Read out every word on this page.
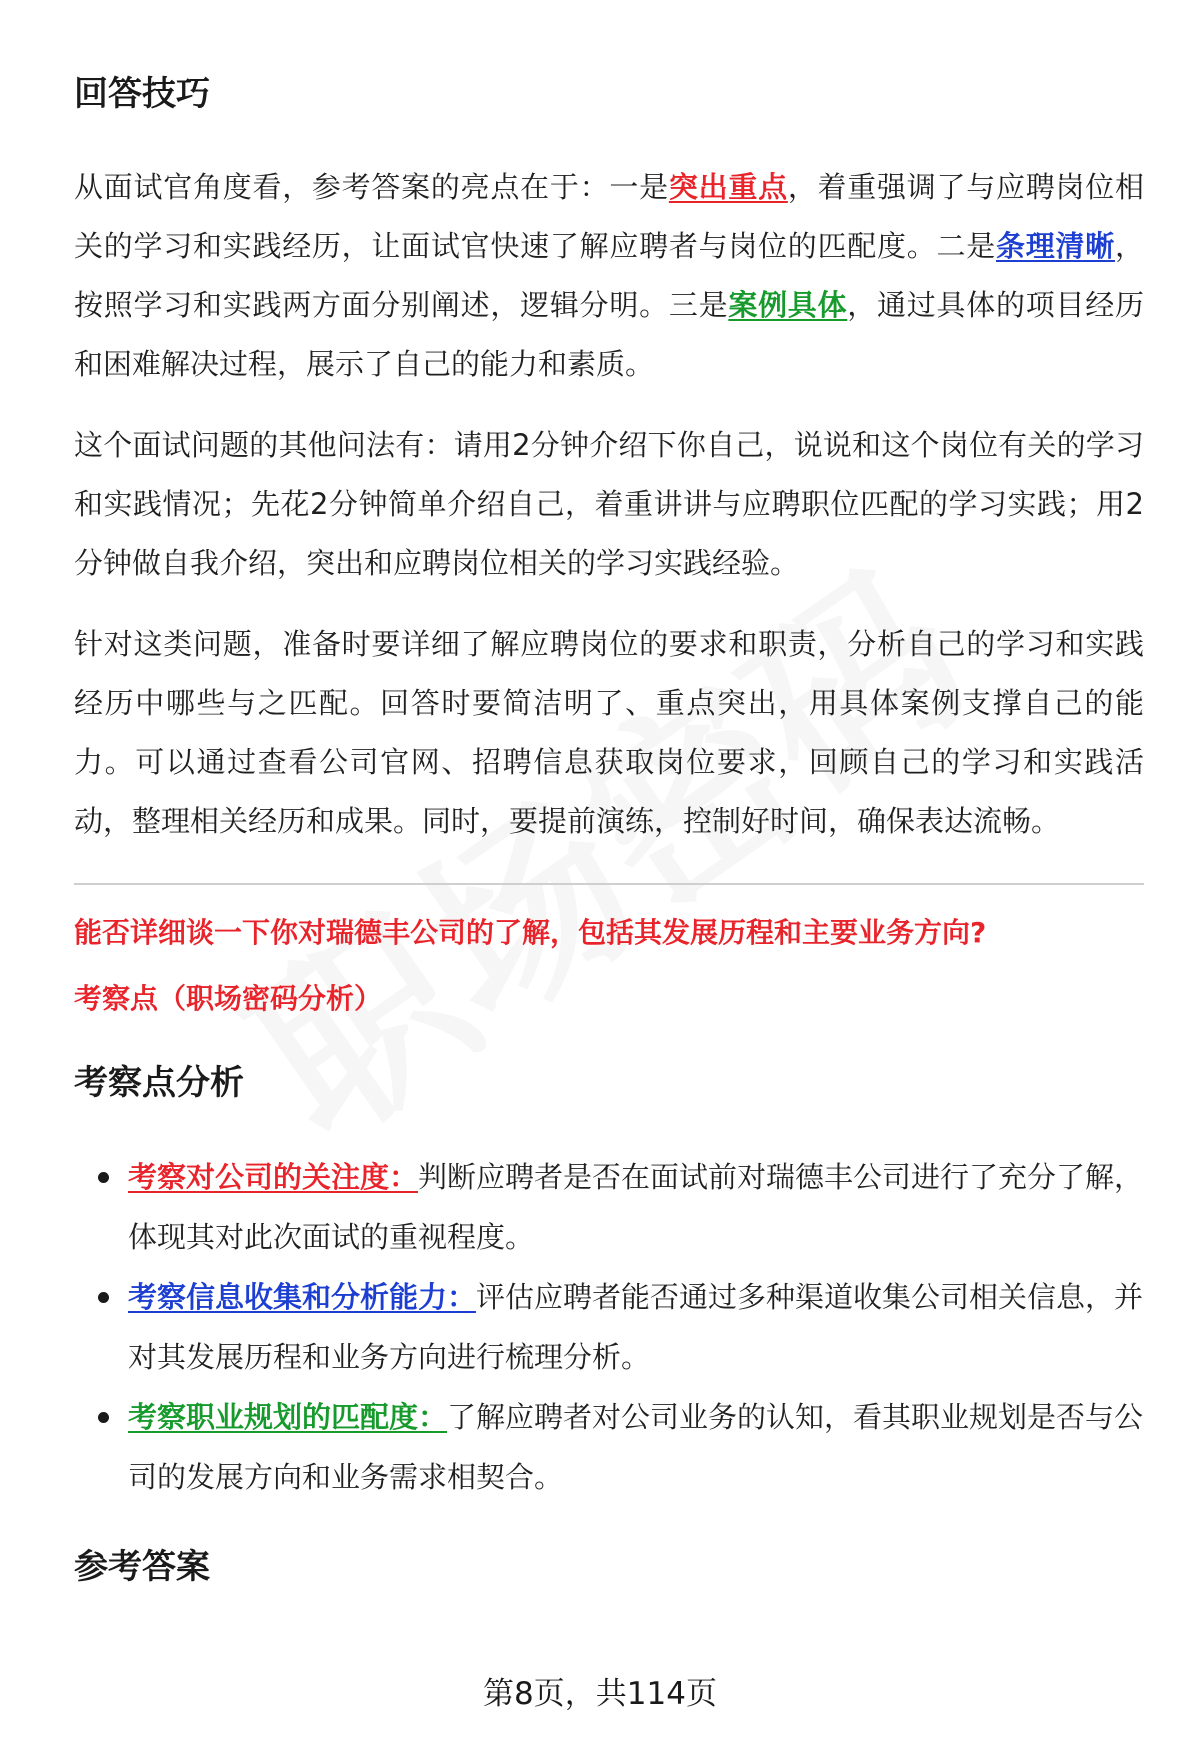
回答技巧

从面试官角度看，参考答案的亮点在于：一是突出重点，着重强调了与应聘岗位相关的学习和实践经历，让面试官快速了解应聘者与岗位的匹配度。二是条理清晰，按照学习和实践两方面分别阐述，逻辑分明。三是案例具体，通过具体的项目经历和困难解决过程，展示了自己的能力和素质。

这个面试问题的其他问法有：请用2分钟介绍下你自己，说说和这个岗位有关的学习和实践情况；先花2分钟简单介绍自己，着重讲讲与应聘职位匹配的学习实践；用2分钟做自我介绍，突出和应聘岗位相关的学习实践经验。

针对这类问题，准备时要详细了解应聘岗位的要求和职责，分析自己的学习和实践经历中哪些与之匹配。回答时要简洁明了、重点突出，用具体案例支撑自己的能力。可以通过查看公司官网、招聘信息获取岗位要求，回顾自己的学习和实践活动，整理相关经历和成果。同时，要提前演练，控制好时间，确保表达流畅。

能否详细谈一下你对瑞德丰公司的了解，包括其发展历程和主要业务方向?

考察点（职场密码分析）

考察点分析
考察对公司的关注度：判断应聘者是否在面试前对瑞德丰公司进行了充分了解，体现其对此次面试的重视程度。
考察信息收集和分析能力：评估应聘者能否通过多种渠道收集公司相关信息，并对其发展历程和业务方向进行梳理分析。
考察职业规划的匹配度：了解应聘者对公司业务的认知，看其职业规划是否与公司的发展方向和业务需求相契合。
参考答案
第8页，共114页
